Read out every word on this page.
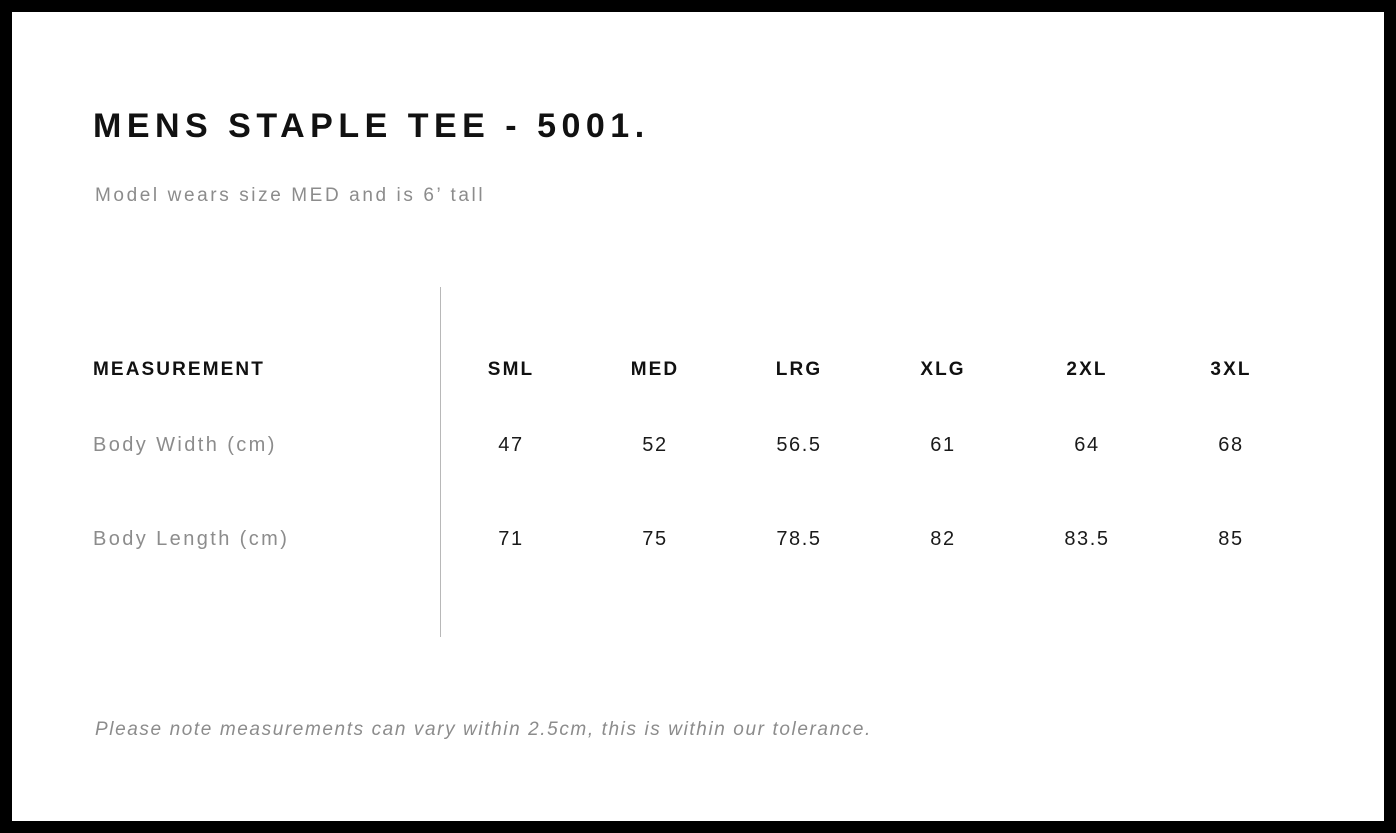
MENS STAPLE TEE - 5001.
Model wears size MED and is 6’ tall
MEASUREMENT	SML	MED	LRG	XLG	2XL	3XL
Body Width (cm)	47	52	56.5	61	64	68
Body Length (cm)	71	75	78.5	82	83.5	85
Please note measurements can vary within 2.5cm, this is within our tolerance.
